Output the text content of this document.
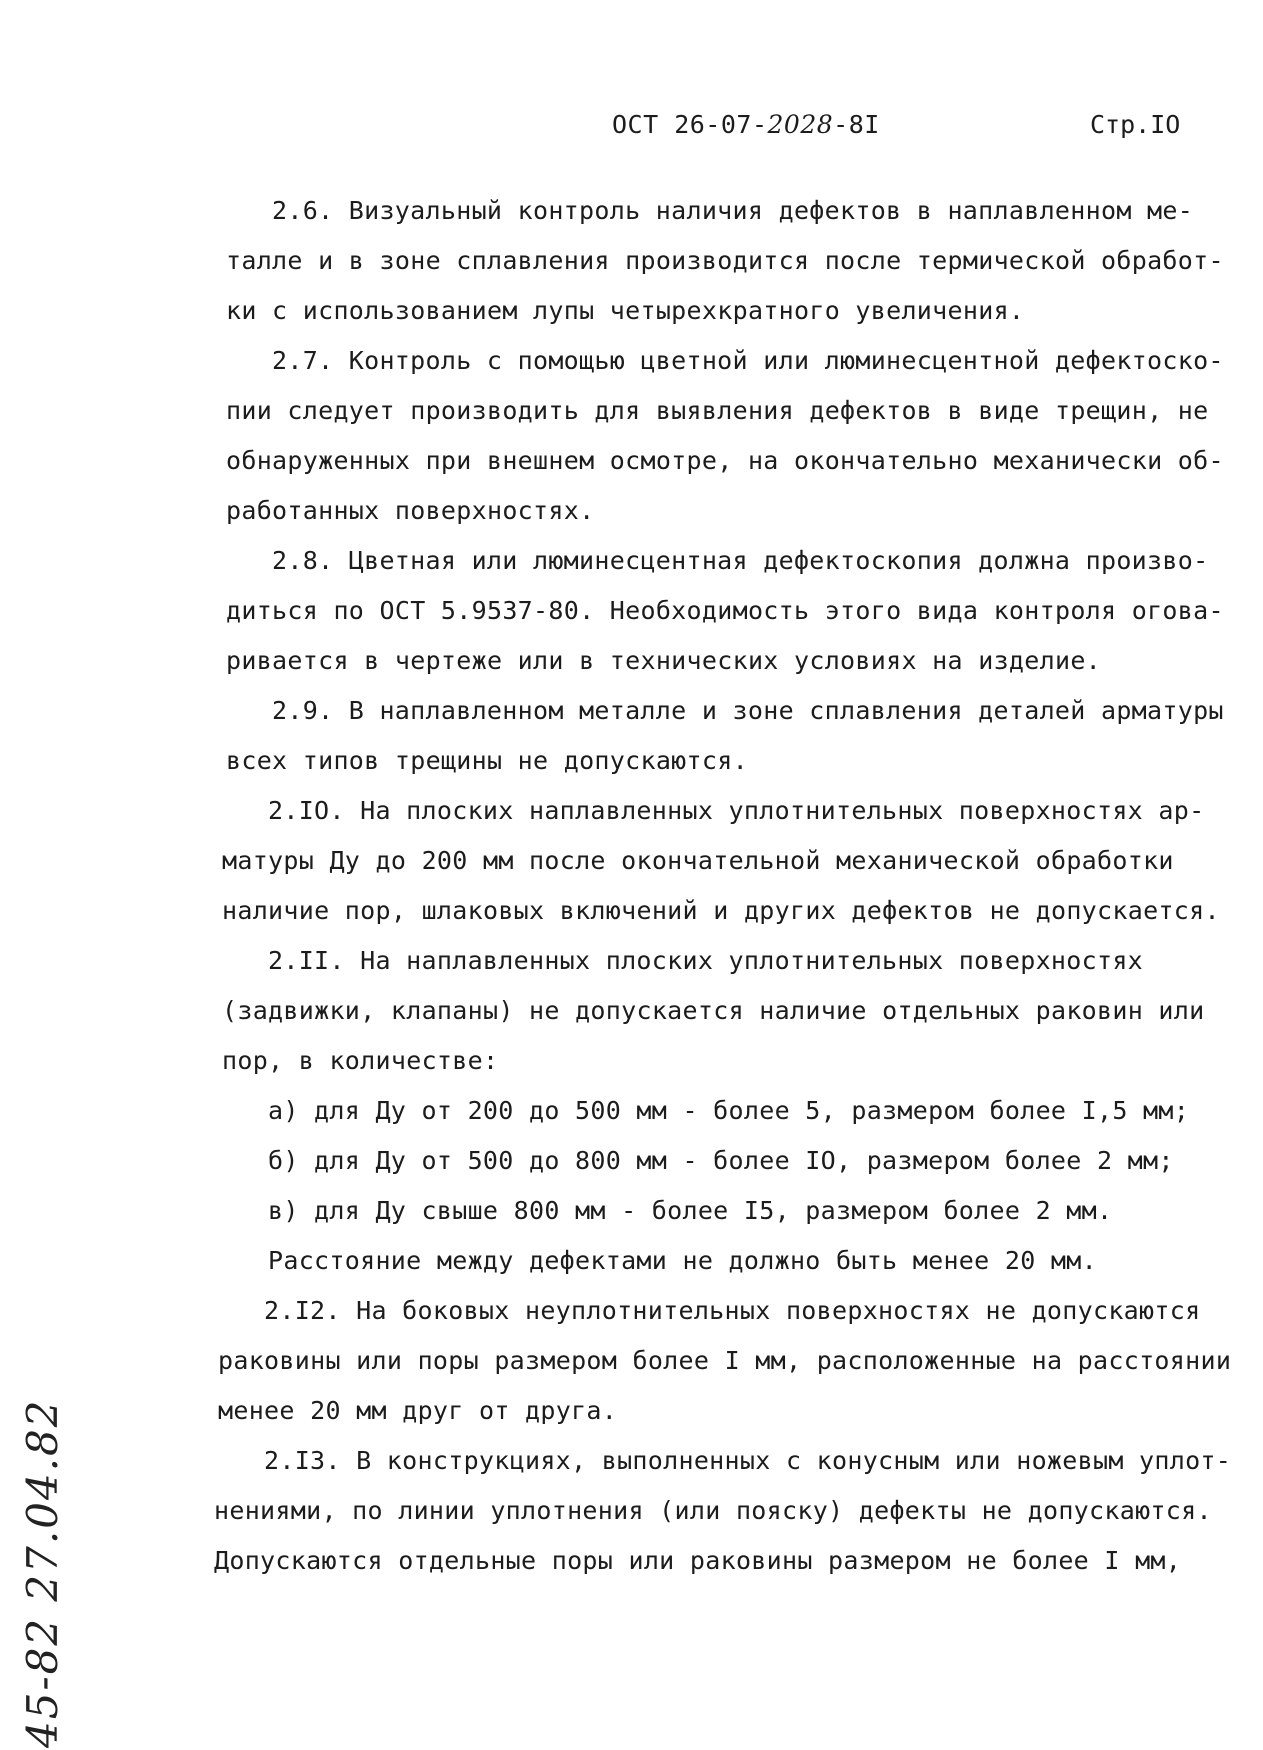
ОСТ 26-07-2028-8I	Стр.IO
2.6. Визуальный контроль наличия дефектов в наплавленном ме-
талле и в зоне сплавления производится после термической обработ-
ки с использованием лупы четырехкратного увеличения.
2.7. Контроль с помощью цветной или люминесцентной дефектоско-
пии следует производить для выявления дефектов в виде трещин, не
обнаруженных при внешнем осмотре, на окончательно механически об-
работанных поверхностях.
2.8. Цветная или люминесцентная дефектоскопия должна произво-
диться по ОСТ 5.9537-80. Необходимость этого вида контроля огова-
ривается в чертеже или в технических условиях на изделие.
2.9. В наплавленном металле и зоне сплавления деталей арматуры
всех типов трещины не допускаются.
2.IO. На плоских наплавленных уплотнительных поверхностях ар-
матуры Ду до 200 мм после окончательной механической обработки
наличие пор, шлаковых включений и других дефектов не допускается.
2.II. На наплавленных плоских уплотнительных поверхностях
(задвижки, клапаны) не допускается наличие отдельных раковин или
пор, в количестве:
а) для Ду от 200 до 500 мм - более 5, размером более I,5 мм;
б) для Ду от 500 до 800 мм - более IO, размером более 2 мм;
в) для Ду свыше 800 мм - более I5, размером более 2 мм.
Расстояние между дефектами не должно быть менее 20 мм.
2.I2. На боковых неуплотнительных поверхностях не допускаются
раковины или поры размером более I мм, расположенные на расстоянии
менее 20 мм друг от друга.
2.I3. В конструкциях, выполненных с конусным или ножевым уплот-
нениями, по линии уплотнения (или пояску) дефекты не допускаются.
Допускаются отдельные поры или раковины размером не более I мм,
45-82 27.04.82
